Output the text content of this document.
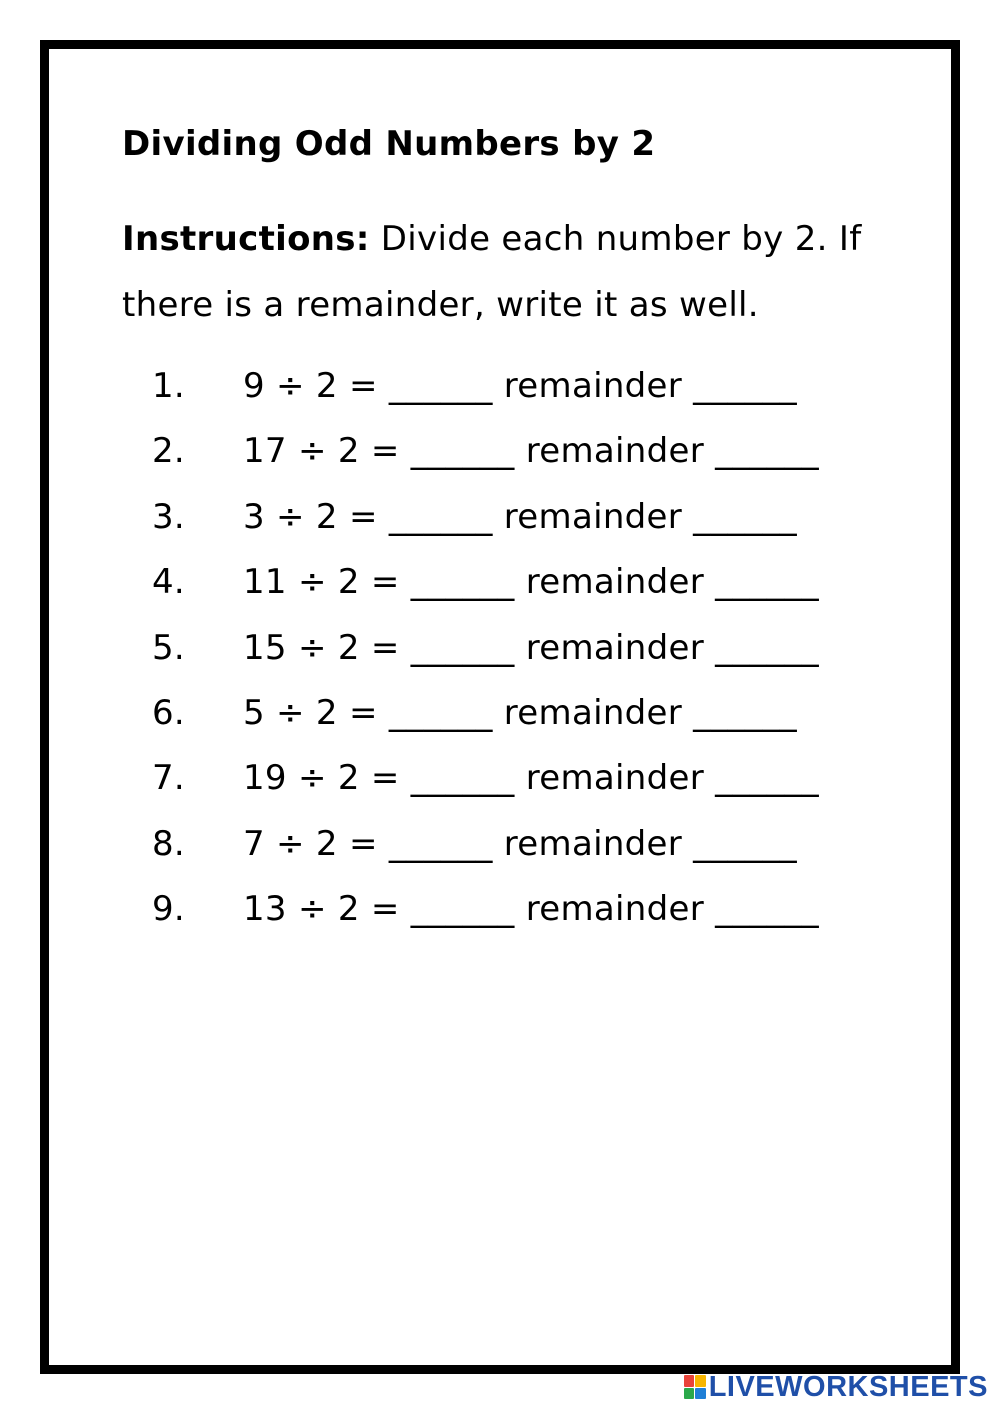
Dividing Odd Numbers by 2

Instructions: Divide each number by 2. If there is a remainder, write it as well.

1. 9 ÷ 2 = ______ remainder ______
2. 17 ÷ 2 = ______ remainder ______
3. 3 ÷ 2 = ______ remainder ______
4. 11 ÷ 2 = ______ remainder ______
5. 15 ÷ 2 = ______ remainder ______
6. 5 ÷ 2 = ______ remainder ______
7. 19 ÷ 2 = ______ remainder ______
8. 7 ÷ 2 = ______ remainder ______
9. 13 ÷ 2 = ______ remainder ______
LIVEWORKSHEETS
